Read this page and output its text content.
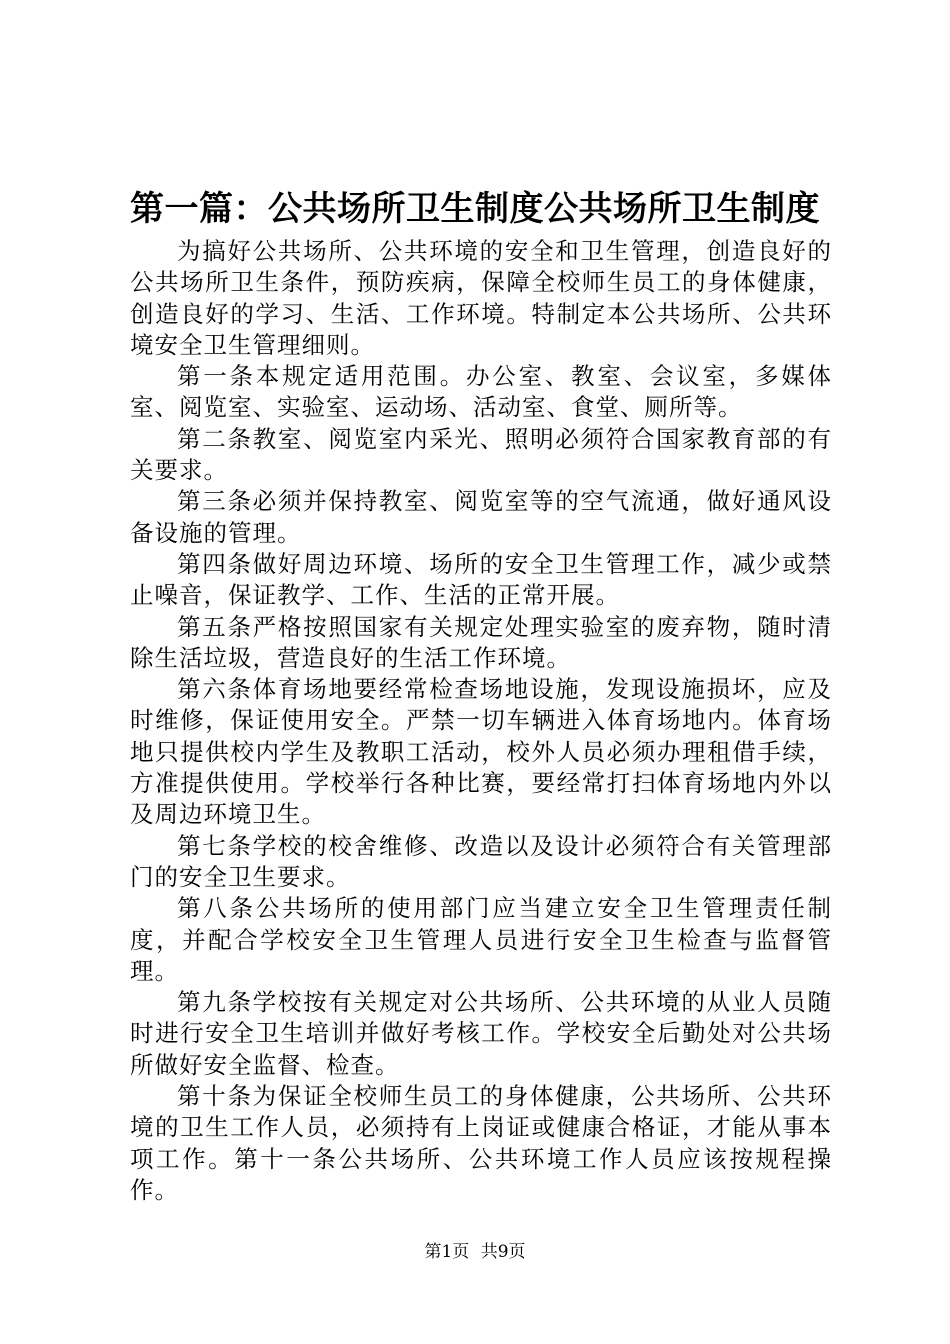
第一篇：公共场所卫生制度公共场所卫生制度

为搞好公共场所、公共环境的安全和卫生管理，创造良好的公共场所卫生条件，预防疾病，保障全校师生员工的身体健康，创造良好的学习、生活、工作环境。特制定本公共场所、公共环境安全卫生管理细则。

第一条本规定适用范围。办公室、教室、会议室，多媒体室、阅览室、实验室、运动场、活动室、食堂、厕所等。

第二条教室、阅览室内采光、照明必须符合国家教育部的有关要求。

第三条必须并保持教室、阅览室等的空气流通，做好通风设备设施的管理。

第四条做好周边环境、场所的安全卫生管理工作，减少或禁止噪音，保证教学、工作、生活的正常开展。

第五条严格按照国家有关规定处理实验室的废弃物，随时清除生活垃圾，营造良好的生活工作环境。

第六条体育场地要经常检查场地设施，发现设施损坏，应及时维修，保证使用安全。严禁一切车辆进入体育场地内。体育场地只提供校内学生及教职工活动，校外人员必须办理租借手续，方准提供使用。学校举行各种比赛，要经常打扫体育场地内外以及周边环境卫生。

第七条学校的校舍维修、改造以及设计必须符合有关管理部门的安全卫生要求。

第八条公共场所的使用部门应当建立安全卫生管理责任制度，并配合学校安全卫生管理人员进行安全卫生检查与监督管理。

第九条学校按有关规定对公共场所、公共环境的从业人员随时进行安全卫生培训并做好考核工作。学校安全后勤处对公共场所做好安全监督、检查。

第十条为保证全校师生员工的身体健康，公共场所、公共环境的卫生工作人员，必须持有上岗证或健康合格证，才能从事本项工作。第十一条公共场所、公共环境工作人员应该按规程操作。

第1页 共9页
